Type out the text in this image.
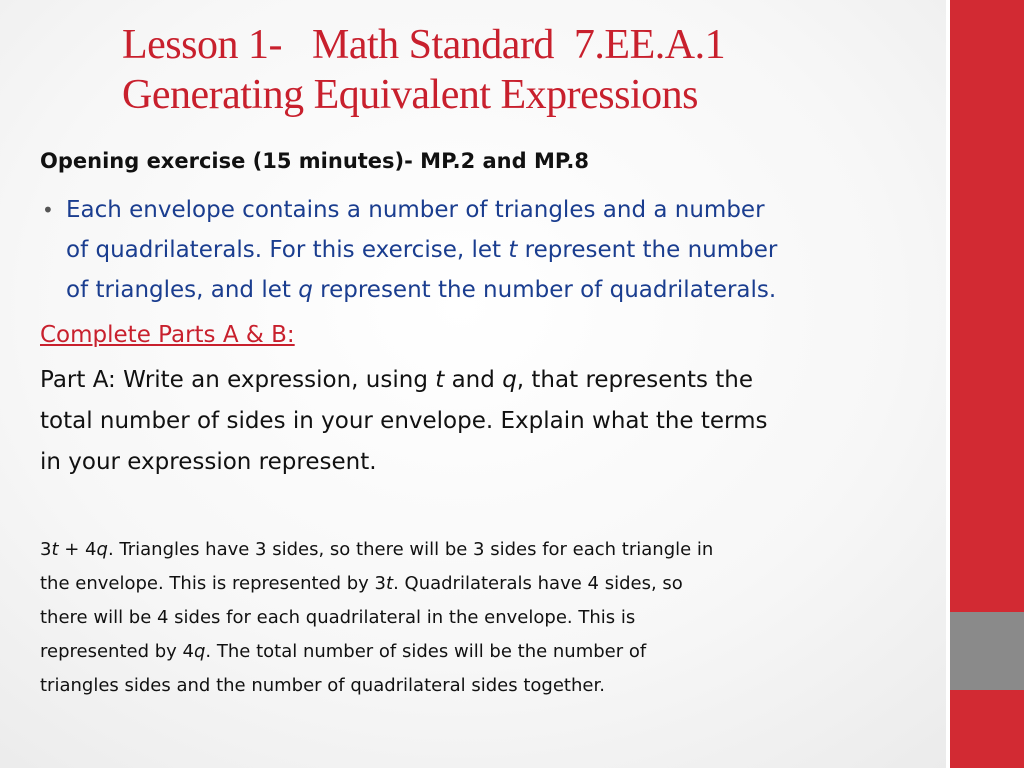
Lesson 1-   Math Standard  7.EE.A.1
Generating Equivalent Expressions
Opening exercise (15 minutes)- MP.2 and MP.8
• Each envelope contains a number of triangles and a number
of quadrilaterals. For this exercise, let t represent the number
of triangles, and let q represent the number of quadrilaterals.
Complete Parts A & B:
Part A: Write an expression, using t and q, that represents the
total number of sides in your envelope. Explain what the terms
in your expression represent.
3t + 4q. Triangles have 3 sides, so there will be 3 sides for each triangle in
the envelope. This is represented by 3t. Quadrilaterals have 4 sides, so
there will be 4 sides for each quadrilateral in the envelope. This is
represented by 4q. The total number of sides will be the number of
triangles sides and the number of quadrilateral sides together.
